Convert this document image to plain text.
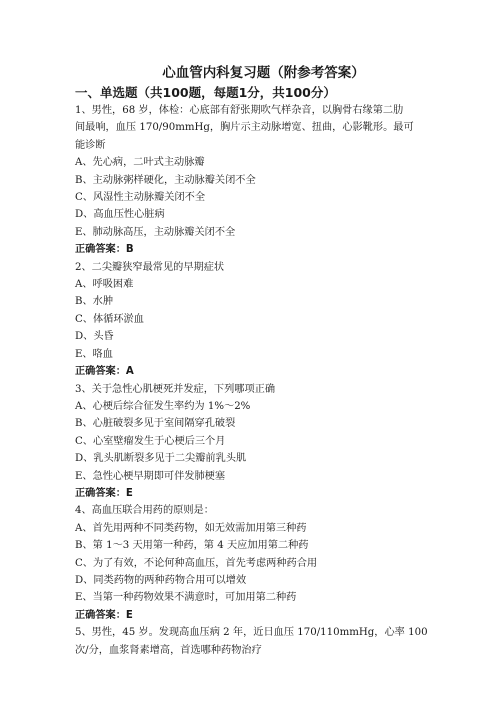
心血管内科复习题（附参考答案）
一、单选题（共100题，每题1分，共100分）
1、男性，68 岁，体检：心底部有舒张期吹气样杂音，以胸骨右缘第二肋
间最响，血压 170/90mmHg，胸片示主动脉增宽、扭曲，心影靴形。最可
能诊断
A、先心病，二叶式主动脉瓣
B、主动脉粥样硬化，主动脉瓣关闭不全
C、风湿性主动脉瓣关闭不全
D、高血压性心脏病
E、肺动脉高压，主动脉瓣关闭不全
正确答案：B
2、二尖瓣狭窄最常见的早期症状
A、呼吸困难
B、水肿
C、体循环淤血
D、头昏
E、咯血
正确答案：A
3、关于急性心肌梗死并发症，下列哪项正确
A、心梗后综合征发生率约为 1%～2%
B、心脏破裂多见于室间隔穿孔破裂
C、心室壁瘤发生于心梗后三个月
D、乳头肌断裂多见于二尖瓣前乳头肌
E、急性心梗早期即可伴发肺梗塞
正确答案：E
4、高血压联合用药的原则是：
A、首先用两种不同类药物，如无效需加用第三种药
B、第 1～3 天用第一种药，第 4 天应加用第二种药
C、为了有效，不论何种高血压，首先考虑两种药合用
D、同类药物的两种药物合用可以增效
E、当第一种药物效果不满意时，可加用第二种药
正确答案：E
5、男性，45 岁。发现高血压病 2 年，近日血压 170/110mmHg，心率 100
次/分，血浆肾素增高，首选哪种药物治疗
